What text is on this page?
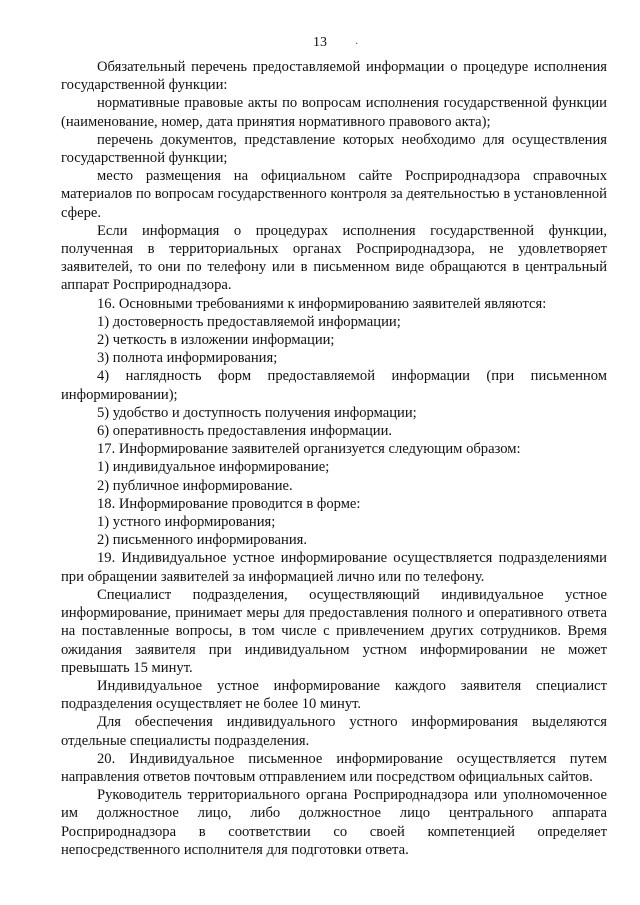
13	·

Обязательный перечень предоставляемой информации о процедуре исполнения государственной функции:

нормативные правовые акты по вопросам исполнения государственной функции (наименование, номер, дата принятия нормативного правового акта);

перечень документов, представление которых необходимо для осуществления государственной функции;

место размещения на официальном сайте Росприроднадзора справочных материалов по вопросам государственного контроля за деятельностью в установленной сфере.

Если информация о процедурах исполнения государственной функции, полученная в территориальных органах Росприроднадзора, не удовлетворяет заявителей, то они по телефону или в письменном виде обращаются в центральный аппарат Росприроднадзора.

16. Основными требованиями к информированию заявителей являются:

1) достоверность предоставляемой информации;

2) четкость в изложении информации;

3) полнота информирования;

4) наглядность форм предоставляемой информации (при письменном информировании);

5) удобство и доступность получения информации;

6) оперативность предоставления информации.

17. Информирование заявителей организуется следующим образом:

1) индивидуальное информирование;

2) публичное информирование.

18. Информирование проводится в форме:

1) устного информирования;

2) письменного информирования.

19. Индивидуальное устное информирование осуществляется подразделениями при обращении заявителей за информацией лично или по телефону.

Специалист подразделения, осуществляющий индивидуальное устное информирование, принимает меры для предоставления полного и оперативного ответа на поставленные вопросы, в том числе с привлечением других сотрудников. Время ожидания заявителя при индивидуальном устном информировании не может превышать 15 минут.

Индивидуальное устное информирование каждого заявителя специалист подразделения осуществляет не более 10 минут.

Для обеспечения индивидуального устного информирования выделяются отдельные специалисты подразделения.

20. Индивидуальное письменное информирование осуществляется путем направления ответов почтовым отправлением или посредством официальных сайтов.

Руководитель территориального органа Росприроднадзора или уполномоченное им должностное лицо, либо должностное лицо центрального аппарата Росприроднадзора в соответствии со своей компетенцией определяет непосредственного исполнителя для подготовки ответа.
